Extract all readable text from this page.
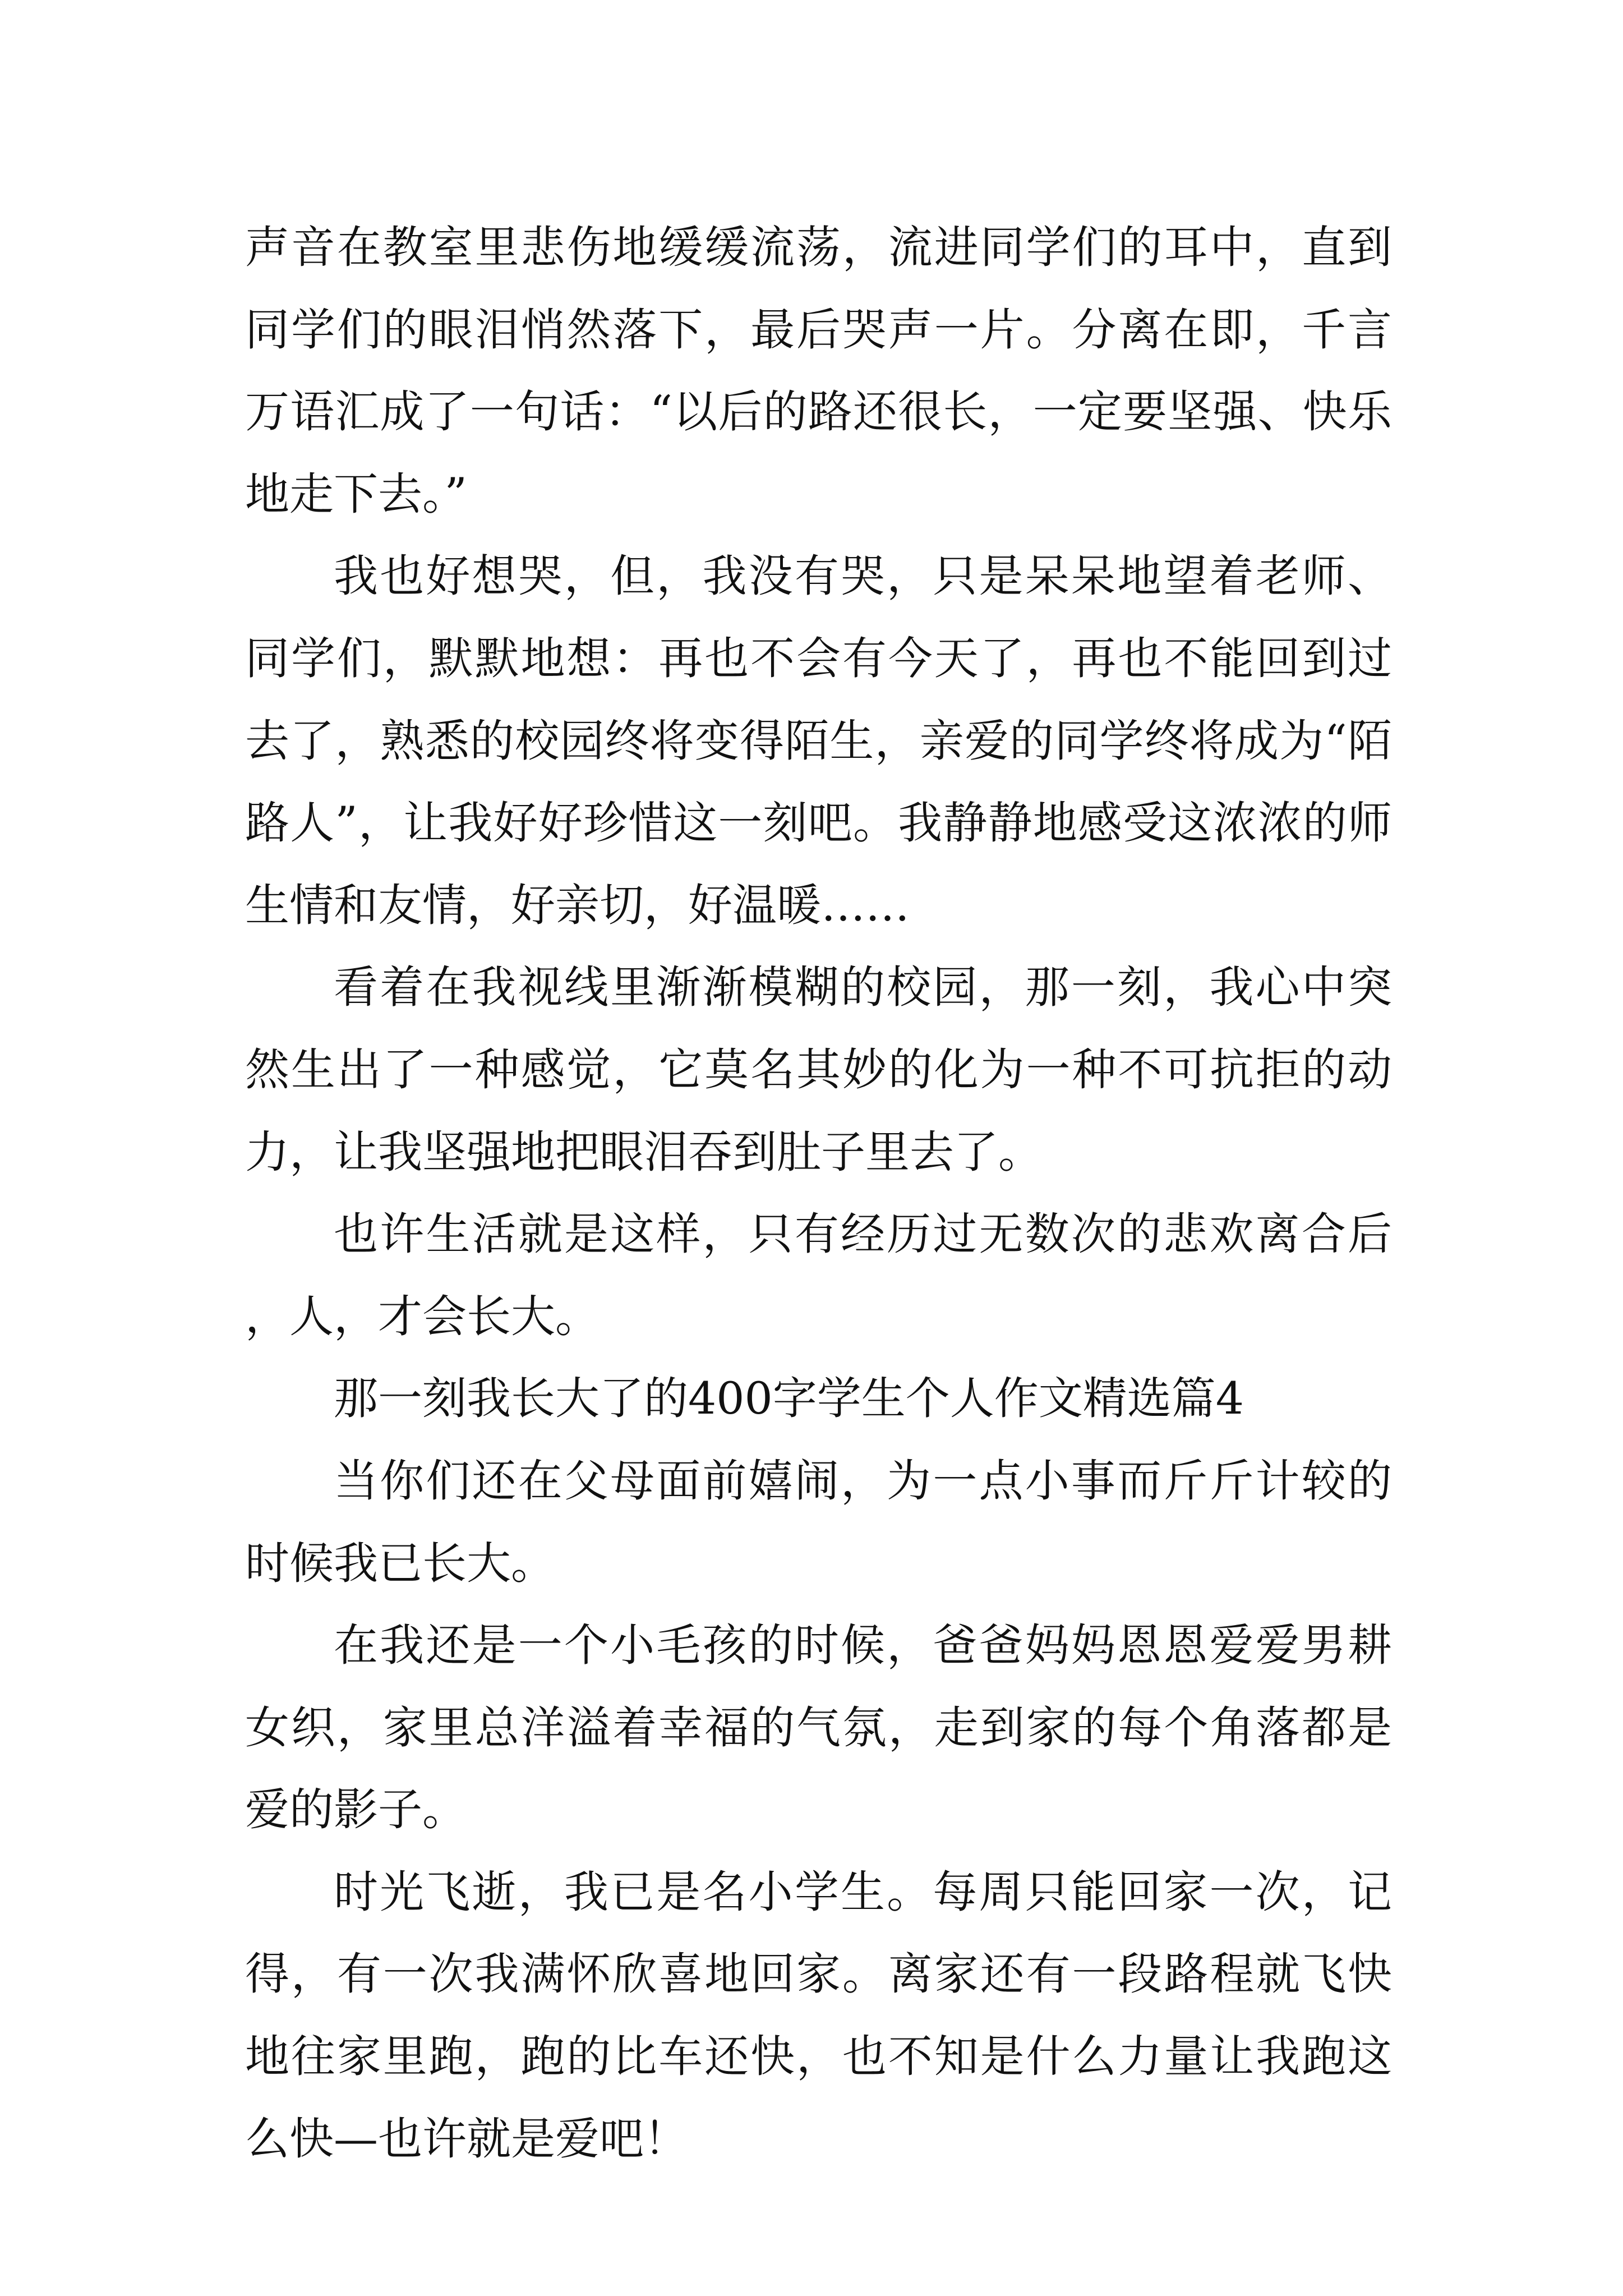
声音在教室里悲伤地缓缓流荡，流进同学们的耳中，直到同学们的眼泪悄然落下，最后哭声一片。分离在即，千言万语汇成了一句话：“以后的路还很长，一定要坚强、快乐地走下去。”

我也好想哭，但，我没有哭，只是呆呆地望着老师、同学们，默默地想：再也不会有今天了，再也不能回到过去了，熟悉的校园终将变得陌生，亲爱的同学终将成为“陌路人”，让我好好珍惜这一刻吧。我静静地感受这浓浓的师生情和友情，好亲切，好温暖……

看着在我视线里渐渐模糊的校园，那一刻，我心中突然生出了一种感觉，它莫名其妙的化为一种不可抗拒的动力，让我坚强地把眼泪吞到肚子里去了。

也许生活就是这样，只有经历过无数次的悲欢离合后，人，才会长大。

那一刻我长大了的400字学生个人作文精选篇4

当你们还在父母面前嬉闹，为一点小事而斤斤计较的时候我已长大。

在我还是一个小毛孩的时候，爸爸妈妈恩恩爱爱男耕女织，家里总洋溢着幸福的气氛，走到家的每个角落都是爱的影子。

时光飞逝，我已是名小学生。每周只能回家一次，记得，有一次我满怀欣喜地回家。离家还有一段路程就飞快地往家里跑，跑的比车还快，也不知是什么力量让我跑这么快—也许就是爱吧！
